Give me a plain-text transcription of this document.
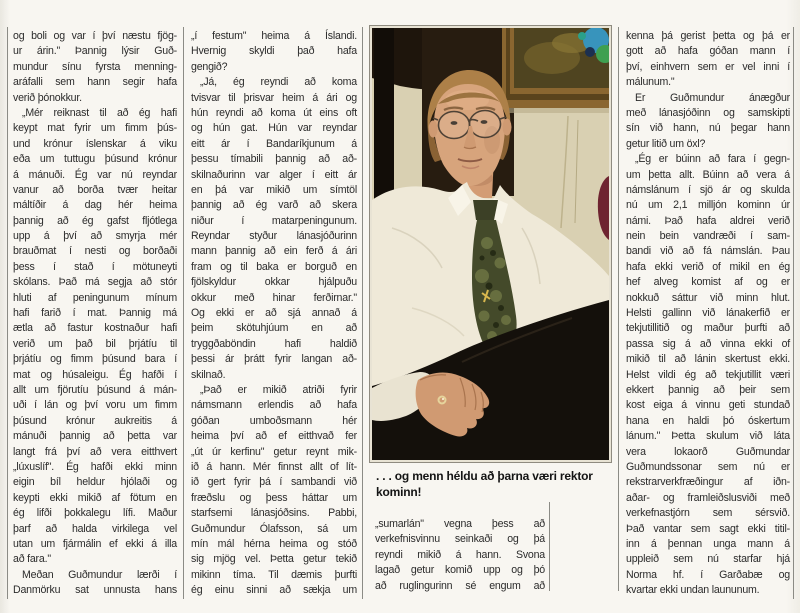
og boli og var í því næstu fjög-
ur árin." Þannig lýsir Guð-
mundur sínu fyrsta menning-
aráfalli sem hann segir hafa
verið þónokkur.
„Mér reiknast til að ég hafi
keypt mat fyrir um fimm þús-
und krónur íslenskar á viku
eða um tuttugu þúsund krónur
á mánuði. Ég var nú reyndar
vanur að borða tvær heitar
máltíðir á dag hér heima
þannig að ég gafst fljótlega
upp á því að smyrja mér
brauðmat í nesti og borðaði
þess í stað í mötuneyti
skólans. Það má segja að stór
hluti af peningunum mínum
hafi farið í mat. Þannig má
ætla að fastur kostnaður hafi
verið um það bil þrjátíu til
þrjátíu og fimm þúsund bara í
mat og húsaleigu. Ég hafði í
allt um fjörutíu þúsund á mán-
uði í lán og því voru um fimm
þúsund krónur aukreitis á
mánuði þannig að þetta var
langt frá því að vera eitthvert
„lúxuslíf". Ég hafði ekki minn
eigin bíl heldur hjólaði og
keypti ekki mikið af fötum en
ég lifði þokkalegu lífi. Maður
þarf að halda virkilega vel
utan um fjármálin ef ekki á illa
að fara."
Meðan Guðmundur lærði í
Danmörku sat unnusta hans
„í festum" heima á Íslandi.
Hvernig skyldi það hafa
gengið?
„Já, ég reyndi að koma
tvisvar til þrisvar heim á ári og
hún reyndi að koma út eins oft
og hún gat. Hún var reyndar
eitt ár í Bandaríkjunum á
þessu tímabili þannig að að-
skilnaðurinn var alger í eitt ár
en þá var mikið um símtöl
þannig að ég varð að skera
niður í matarpeningunum.
Reyndar styður lánasjóðurinn
mann þannig að ein ferð á ári
fram og til baka er borguð en
fjölskyldur okkar hjálpuðu
okkur með hinar ferðirnar."
Og ekki er að sjá annað á
þeim skötuhjúum en að
tryggðaböndin hafi haldið
þessi ár þrátt fyrir langan að-
skilnað.
„Það er mikið atriði fyrir
námsmann erlendis að hafa
góðan umboðsmann hér
heima því að ef eitthvað fer
„út úr kerfinu" getur reynt mik-
ið á hann. Mér finnst allt of lít-
ið gert fyrir þá í sambandi við
fræðslu og þess háttar um
starfsemi lánasjóðsins. Pabbi,
Guðmundur Ólafsson, sá um
mín mál hérna heima og stóð
sig mjög vel. Þetta getur tekið
mikinn tíma. Til dæmis þurfti
ég einu sinni að sækja um
„sumarlán" vegna þess að
verkefnisvinnu seinkaði og þá
reyndi mikið á hann. Svona
lagað getur komið upp og þó
að ruglingurinn sé engum að
kenna þá gerist þetta og þá er
gott að hafa góðan mann í
því, einhvern sem er vel inni í
málunum."
Er Guðmundur ánægður
með lánasjóðinn og samskipti
sín við hann, nú þegar hann
getur litið um öxl?
„Ég er búinn að fara í gegn-
um þetta allt. Búinn að vera á
námslánum í sjö ár og skulda
nú um 2,1 milljón kominn úr
námi. Það hafa aldrei verið
nein bein vandræði í sam-
bandi við að fá námslán. Þau
hafa ekki verið of mikil en ég
hef alveg komist af og er
nokkuð sáttur við minn hlut.
Helsti gallinn við lánakerfið er
tekjutillitið og maður þurfti að
passa sig á að vinna ekki of
mikið til að lánin skertust ekki.
Helst vildi ég að tekjutillit væri
ekkert þannig að þeir sem
kost eiga á vinnu geti stundað
hana en haldi þó óskertum
lánum." Þetta skulum við láta
vera lokaorð Guðmundar
Guðmundssonar sem nú er
rekstrarverkfræðingur af iðn-
aðar- og framleiðslusviði með
verkefnastjórn sem sérsvið.
Það vantar sem sagt ekki titil-
inn á þennan unga mann á
uppleið sem nú starfar hjá
Norma hf. í Garðabæ og
kvartar ekki undan laununum.
. . . og menn héldu að þarna væri rektor
kominn!
